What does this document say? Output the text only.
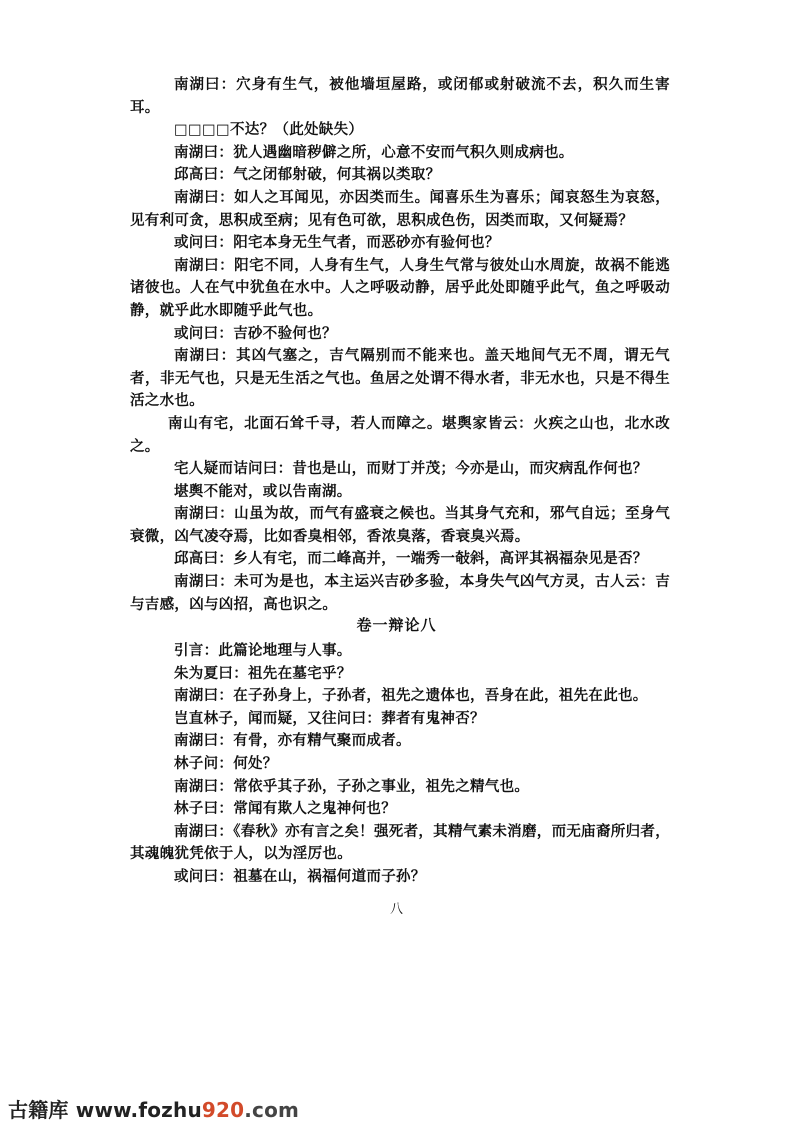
南湖曰：穴身有生气，被他墙垣屋路，或闭郁或射破流不去，积久而生害耳。

□□□□不达？（此处缺失）

南湖曰：犹人遇幽暗秽僻之所，心意不安而气积久则成病也。

邱高曰：气之闭郁射破，何其祸以类取？

南湖曰：如人之耳闻见，亦因类而生。闻喜乐生为喜乐；闻哀怒生为哀怒，见有利可贪，思积成至病；见有色可欲，思积成色伤，因类而取，又何疑焉？

或问曰：阳宅本身无生气者，而恶砂亦有验何也？

南湖曰：阳宅不同，人身有生气，人身生气常与彼处山水周旋，故祸不能逃诸彼也。人在气中犹鱼在水中。人之呼吸动静，居乎此处即随乎此气，鱼之呼吸动静，就乎此水即随乎此气也。

或问曰：吉砂不验何也？

南湖曰：其凶气塞之，吉气隔别而不能来也。盖天地间气无不周，谓无气者，非无气也，只是无生活之气也。鱼居之处谓不得水者，非无水也，只是不得生活之水也。

南山有宅，北面石耸千寻，若人而障之。堪舆家皆云：火疾之山也，北水改之。

宅人疑而诘问曰：昔也是山，而财丁并茂；今亦是山，而灾病乱作何也？

堪舆不能对，或以告南湖。

南湖曰：山虽为故，而气有盛衰之候也。当其身气充和，邪气自远；至身气衰微，凶气凌夺焉，比如香臭相邻，香浓臭落，香衰臭兴焉。

邱高曰：乡人有宅，而二峰高并，一端秀一敧斜，高评其祸福杂见是否？

南湖曰：未可为是也，本主运兴吉砂多验，本身失气凶气方灵，古人云：吉与吉感，凶与凶招，高也识之。

卷一辩论八

引言：此篇论地理与人事。

朱为夏曰：祖先在墓宅乎？

南湖曰：在子孙身上，子孙者，祖先之遗体也，吾身在此，祖先在此也。

岂直林子，闻而疑，又往问曰：葬者有鬼神否？

南湖曰：有骨，亦有精气聚而成者。

林子问：何处？

南湖曰：常依乎其子孙，子孙之事业，祖先之精气也。

林子曰：常闻有欺人之鬼神何也？

南湖曰：《春秋》亦有言之矣！强死者，其精气素未消磨，而无庙裔所归者，其魂魄犹凭依于人，以为淫厉也。

或问曰：祖墓在山，祸福何道而子孙？

八
古籍库 www.fozhu920.com
